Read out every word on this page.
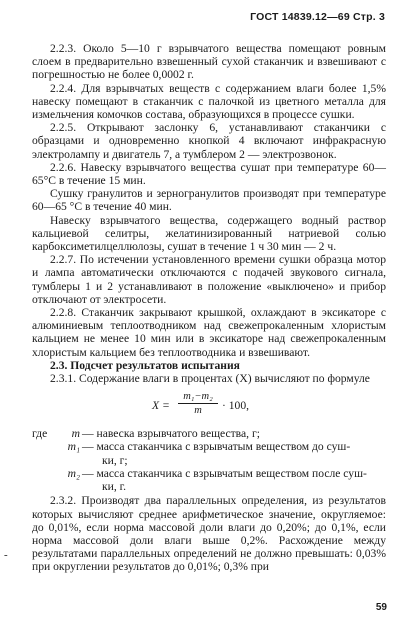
ГОСТ 14839.12—69 Стр. 3

2.2.3. Около 5—10 г взрывчатого вещества помещают ровным слоем в предварительно взвешенный сухой стаканчик и взвешивают с погрешностью не более 0,0002 г.

2.2.4. Для взрывчатых веществ с содержанием влаги более 1,5% навеску помещают в стаканчик с палочкой из цветного металла для измельчения комочков состава, образующихся в процессе сушки.

2.2.5. Открывают заслонку 6, устанавливают стаканчики с образцами и одновременно кнопкой 4 включают инфракрасную электролампу и двигатель 7, а тумблером 2 — электрозвонок.

2.2.6. Навеску взрывчатого вещества сушат при температуре 60—65°С в течение 15 мин.

Сушку гранулитов и зерногранулитов производят при температуре 60—65 °С в течение 40 мин.

Навеску взрывчатого вещества, содержащего водный раствор кальциевой селитры, желатинизированный натриевой солью карбоксиметилцеллюлозы, сушат в течение 1 ч 30 мин — 2 ч.

2.2.7. По истечении установленного времени сушки образца мотор и лампа автоматически отключаются с подачей звукового сигнала, тумблеры 1 и 2 устанавливают в положение «выключено» и прибор отключают от электросети.

2.2.8. Стаканчик закрывают крышкой, охлаждают в эксикаторе с алюминиевым теплоотводником над свежепрокаленным хлористым кальцием не менее 10 мин или в эксикаторе над свежепрокаленным хлористым кальцием без теплоотводника и взвешивают.

2.3. Подсчет результатов испытания

2.3.1. Содержание влаги в процентах (X) вычисляют по формуле

$X = \frac{\text{m₁−m₂}}{m} \cdot 100$,
где	m — навеска взрывчатого вещества, г;
m₁ — масса стаканчика с взрывчатым веществом до суш-
ки, г;
m₂ — масса стаканчика с взрывчатым веществом после суш-
ки, г.

2.3.2. Производят два параллельных определения, из результатов которых вычисляют среднее арифметическое значение, округляемое: до 0,01%, если норма массовой доли влаги до 0,20%; до 0,1%, если норма массовой доли влаги выше 0,2%. Расхождение между результатами параллельных определений не должно превышать: 0,03% при округлении результатов до 0,01%; 0,3% при

-
59
